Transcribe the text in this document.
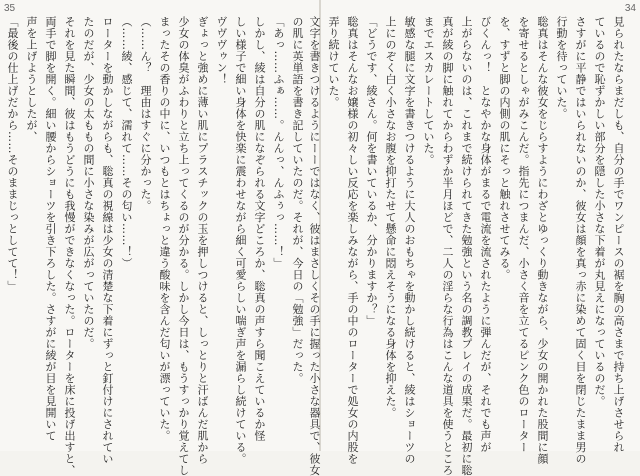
35
の肌に英単語を書き記していたのだ。それが、今日の「勉強」だった。
「あっ……ふぁ……。んんっ、んふぅっ……！」
しかし、綾は自分の肌になぞられる文字どころか、聡真の声すら聞こえているか怪
しい様子で細い身体を快楽に震わせながら細く可愛らしい喘ぎ声を漏らし続けている。
ヴヴヴゥン！
ぎょっと強めに薄い肌にプラスチックの玉を押しつけると、しっとりと汗ばんだ肌から
少女の体臭がふわりと立ち上ってくるのが分かる。しかし今日は、もうすっかり覚えてし
まったその香りの中に、いつもとはちょっと違う酸味を含んだ匂いが漂っていた。
（……ん？　理由はすぐに分かった。
（……綾、感じて、濡れて……その匂い……！）
ローターを動かしながらも、聡真の視線は少女の清楚な下着にずっと釘付けにされてい
たのだが、少女の太ももの間に小さな染みが広がっていたのだ。
それを見た瞬間、彼はもうどうにも我慢ができなくなった。ローターを床に投げ出すと、
両手で脚を開く。細い腰からショーツを引き下ろした。さすがに綾が目を見開いて
声を上げようとしたが、
「最後の仕上げだから……そのままじっとしてて！」
34
見られたならまだしも、自分の手でワンピースの裾を胸の高さまで持ち上げさせられ
ているので恥ずかしい部分を隠した小さな下着が丸見えになっているのだ。
さすがに平静ではいられないのか、彼女は顔を真っ赤に染めて固く目を閉じたまま男の
行動を待っていた。
聡真はそんな彼女をじらすようにわざとゆっくり動きながら、少女の開かれた股間に顔
を寄せるとしゃがみこんだ。指先につまんだ、小さく音を立てるピンク色のローター
を、すずと脚の内側の肌にそっと触れさせてみる。
びくんっ！　となやかな身体がまるで電流を流されたように弾んだが、それでも声が
上がらないのは、これまで続けられてきた勉強という名の調教プレイの成果だ。最初に聡
真が綾の脚に触れてからわずか半月ほどで、二人の淫らな行為はこんな道具を使うところ
までエスカレートしていた。
敏感な腿に文字を書きつけるように大人のおもちゃを動かし続けると、綾はショーツの
上にのぞく白く小さなお腹を抑打たせて懸命に悶えそうになる身体を抑えた。
「どうです、綾さん。何を書いているか、分かりますか？」
聡真はそんなお嬢様の初々しい反応を楽しみながら、手の中のローターで処女の内股を
弄り続けていた。
文字を書きつけるようにーーではなく、彼はまさしくその手に握った小さな器具で、彼女
